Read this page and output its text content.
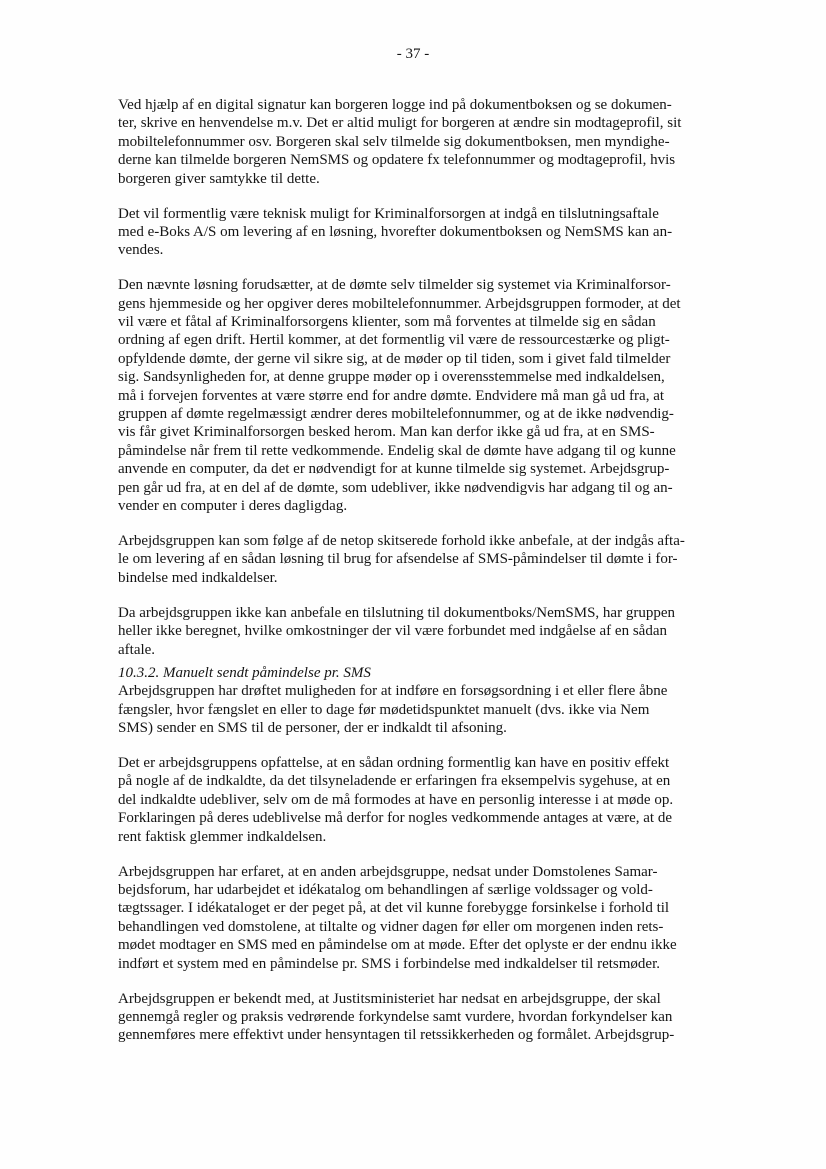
- 37 -
Ved hjælp af en digital signatur kan borgeren logge ind på dokumentboksen og se dokumen-
ter, skrive en henvendelse m.v. Det er altid muligt for borgeren at ændre sin modtageprofil, sit
mobiltelefonnummer osv. Borgeren skal selv tilmelde sig dokumentboksen, men myndighe-
derne kan tilmelde borgeren NemSMS og opdatere fx telefonnummer og modtageprofil, hvis
borgeren giver samtykke til dette.
Det vil formentlig være teknisk muligt for Kriminalforsorgen at indgå en tilslutningsaftale
med e-Boks A/S om levering af en løsning, hvorefter dokumentboksen og NemSMS kan an-
vendes.
Den nævnte løsning forudsætter, at de dømte selv tilmelder sig systemet via Kriminalforsor-
gens hjemmeside og her opgiver deres mobiltelefonnummer. Arbejdsgruppen formoder, at det
vil være et fåtal af Kriminalforsorgens klienter, som må forventes at tilmelde sig en sådan
ordning af egen drift. Hertil kommer, at det formentlig vil være de ressourcestærke og pligt-
opfyldende dømte, der gerne vil sikre sig, at de møder op til tiden, som i givet fald tilmelder
sig. Sandsynligheden for, at denne gruppe møder op i overensstemmelse med indkaldelsen,
må i forvejen forventes at være større end for andre dømte. Endvidere må man gå ud fra, at
gruppen af dømte regelmæssigt ændrer deres mobiltelefonnummer, og at de ikke nødvendig-
vis får givet Kriminalforsorgen besked herom. Man kan derfor ikke gå ud fra, at en SMS-
påmindelse når frem til rette vedkommende. Endelig skal de dømte have adgang til og kunne
anvende en computer, da det er nødvendigt for at kunne tilmelde sig systemet. Arbejdsgrup-
pen går ud fra, at en del af de dømte, som udebliver, ikke nødvendigvis har adgang til og an-
vender en computer i deres dagligdag.
Arbejdsgruppen kan som følge af de netop skitserede forhold ikke anbefale, at der indgås afta-
le om levering af en sådan løsning til brug for afsendelse af SMS-påmindelser til dømte i for-
bindelse med indkaldelser.
Da arbejdsgruppen ikke kan anbefale en tilslutning til dokumentboks/NemSMS, har gruppen
heller ikke beregnet, hvilke omkostninger der vil være forbundet med indgåelse af en sådan
aftale.
10.3.2. Manuelt sendt påmindelse pr. SMS
Arbejdsgruppen har drøftet muligheden for at indføre en forsøgsordning i et eller flere åbne
fængsler, hvor fængslet en eller to dage før mødetidspunktet manuelt (dvs. ikke via Nem
SMS) sender en SMS til de personer, der er indkaldt til afsoning.
Det er arbejdsgruppens opfattelse, at en sådan ordning formentlig kan have en positiv effekt
på nogle af de indkaldte, da det tilsyneladende er erfaringen fra eksempelvis sygehuse, at en
del indkaldte udebliver, selv om de må formodes at have en personlig interesse i at møde op.
Forklaringen på deres udeblivelse må derfor for nogles vedkommende antages at være, at de
rent faktisk glemmer indkaldelsen.
Arbejdsgruppen har erfaret, at en anden arbejdsgruppe, nedsat under Domstolenes Samar-
bejdsforum, har udarbejdet et idékatalog om behandlingen af særlige voldssager og vold-
tægtssager. I idékataloget er der peget på, at det vil kunne forebygge forsinkelse i forhold til
behandlingen ved domstolene, at tiltalte og vidner dagen før eller om morgenen inden rets-
mødet modtager en SMS med en påmindelse om at møde. Efter det oplyste er der endnu ikke
indført et system med en påmindelse pr. SMS i forbindelse med indkaldelser til retsmøder.
Arbejdsgruppen er bekendt med, at Justitsministeriet har nedsat en arbejdsgruppe, der skal
gennemgå regler og praksis vedrørende forkyndelse samt vurdere, hvordan forkyndelser kan
gennemføres mere effektivt under hensyntagen til retssikkerheden og formålet. Arbejdsgrup-
